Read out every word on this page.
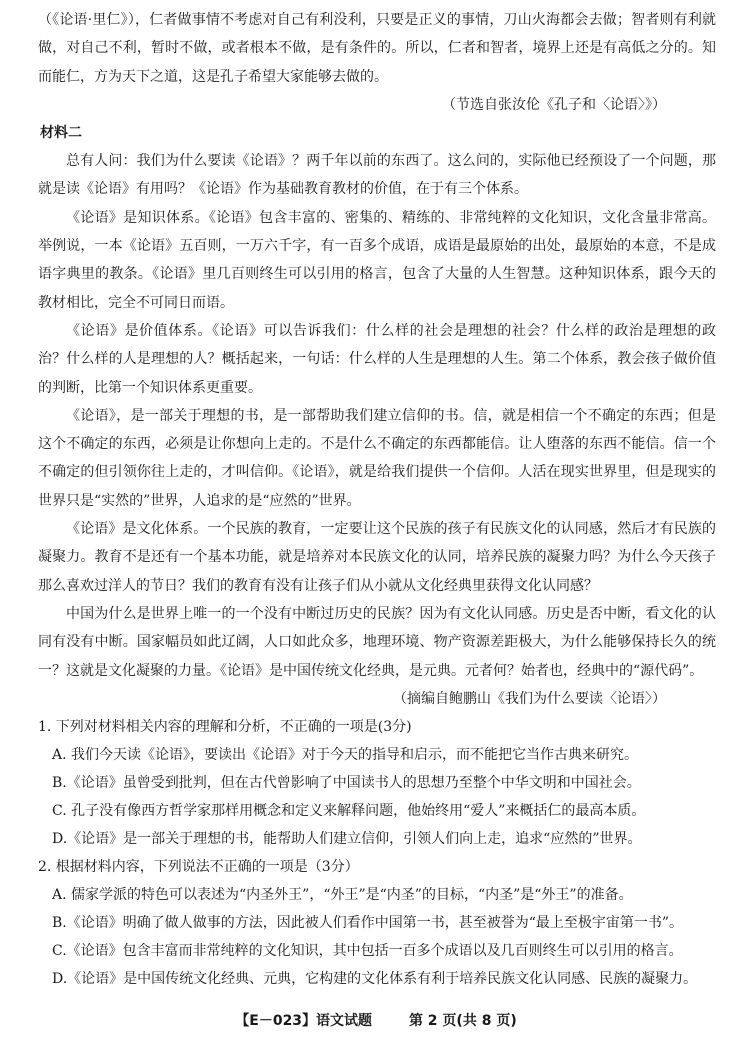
（《论语·里仁》），仁者做事情不考虑对自己有利没利，只要是正义的事情，刀山火海都会去做；智者则有利就做，对自己不利，暂时不做，或者根本不做，是有条件的。所以，仁者和智者，境界上还是有高低之分的。知而能仁，方为天下之道，这是孔子希望大家能够去做的。

（节选自张汝伦《孔子和〈论语〉》）

材料二

总有人问：我们为什么要读《论语》？两千年以前的东西了。这么问的，实际他已经预设了一个问题，那就是读《论语》有用吗？《论语》作为基础教育教材的价值，在于有三个体系。

《论语》是知识体系。《论语》包含丰富的、密集的、精练的、非常纯粹的文化知识，文化含量非常高。举例说，一本《论语》五百则，一万六千字，有一百多个成语，成语是最原始的出处，最原始的本意，不是成语字典里的教条。《论语》里几百则终生可以引用的格言，包含了大量的人生智慧。这种知识体系，跟今天的教材相比，完全不可同日而语。

《论语》是价值体系。《论语》可以告诉我们：什么样的社会是理想的社会？什么样的政治是理想的政治？什么样的人是理想的人？概括起来，一句话：什么样的人生是理想的人生。第二个体系，教会孩子做价值的判断，比第一个知识体系更重要。

《论语》，是一部关于理想的书，是一部帮助我们建立信仰的书。信，就是相信一个不确定的东西；但是这个不确定的东西，必须是让你想向上走的。不是什么不确定的东西都能信。让人堕落的东西不能信。信一个不确定的但引领你往上走的，才叫信仰。《论语》，就是给我们提供一个信仰。人活在现实世界里，但是现实的世界只是“实然的”世界，人追求的是“应然的”世界。

《论语》是文化体系。一个民族的教育，一定要让这个民族的孩子有民族文化的认同感，然后才有民族的凝聚力。教育不是还有一个基本功能，就是培养对本民族文化的认同，培养民族的凝聚力吗？为什么今天孩子那么喜欢过洋人的节日？我们的教育有没有让孩子们从小就从文化经典里获得文化认同感？

中国为什么是世界上唯一的一个没有中断过历史的民族？因为有文化认同感。历史是否中断，看文化的认同有没有中断。国家幅员如此辽阔，人口如此众多，地理环境、物产资源差距极大，为什么能够保持长久的统一？这就是文化凝聚的力量。《论语》是中国传统文化经典，是元典。元者何？始者也，经典中的“源代码”。

（摘编自鲍鹏山《我们为什么要读〈论语〉）

1. 下列对材料相关内容的理解和分析，不正确的一项是(3分)

A. 我们今天读《论语》，要读出《论语》对于今天的指导和启示，而不能把它当作古典来研究。

B.《论语》虽曾受到批判，但在古代曾影响了中国读书人的思想乃至整个中华文明和中国社会。

C. 孔子没有像西方哲学家那样用概念和定义来解释问题，他始终用“爱人”来概括仁的最高本质。

D.《论语》是一部关于理想的书，能帮助人们建立信仰，引领人们向上走，追求“应然的”世界。

2. 根据材料内容，下列说法不正确的一项是（3分）

A. 儒家学派的特色可以表述为“内圣外王”，“外王”是“内圣”的目标，“内圣”是“外王”的准备。

B.《论语》明确了做人做事的方法，因此被人们看作中国第一书，甚至被誉为“最上至极宇宙第一书”。

C.《论语》包含丰富而非常纯粹的文化知识，其中包括一百多个成语以及几百则终生可以引用的格言。

D.《论语》是中国传统文化经典、元典，它构建的文化体系有利于培养民族文化认同感、民族的凝聚力。

【E－023】语文试题	第 2 页(共 8 页)
